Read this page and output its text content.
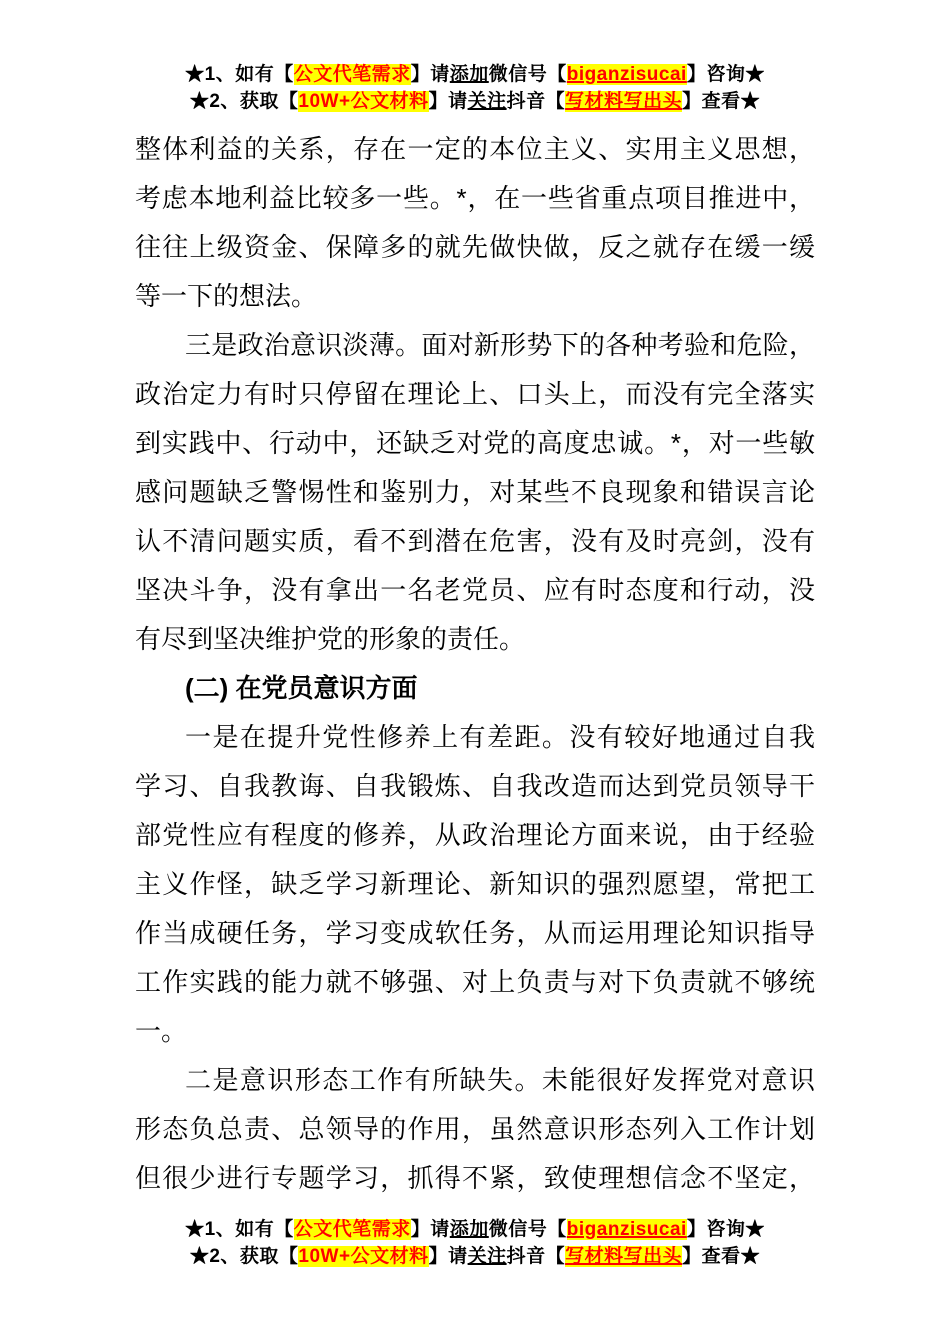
★1、如有【公文代笔需求】请添加微信号【biganzisucai】咨询★
★2、获取【10W+公文材料】请关注抖音【写材料写出头】查看★
整体利益的关系，存在一定的本位主义、实用主义思想，
考虑本地利益比较多一些。*，在一些省重点项目推进中，
往往上级资金、保障多的就先做快做，反之就存在缓一缓
等一下的想法。
三是政治意识淡薄。面对新形势下的各种考验和危险，
政治定力有时只停留在理论上、口头上，而没有完全落实
到实践中、行动中，还缺乏对党的高度忠诚。*，对一些敏
感问题缺乏警惕性和鉴别力，对某些不良现象和错误言论
认不清问题实质，看不到潜在危害，没有及时亮剑，没有
坚决斗争，没有拿出一名老党员、应有时态度和行动，没
有尽到坚决维护党的形象的责任。
(二) 在党员意识方面
一是在提升党性修养上有差距。没有较好地通过自我
学习、自我教诲、自我锻炼、自我改造而达到党员领导干
部党性应有程度的修养，从政治理论方面来说，由于经验
主义作怪，缺乏学习新理论、新知识的强烈愿望，常把工
作当成硬任务，学习变成软任务，从而运用理论知识指导
工作实践的能力就不够强、对上负责与对下负责就不够统
一。
二是意识形态工作有所缺失。未能很好发挥党对意识
形态负总责、总领导的作用，虽然意识形态列入工作计划
但很少进行专题学习，抓得不紧，致使理想信念不坚定，
★1、如有【公文代笔需求】请添加微信号【biganzisucai】咨询★
★2、获取【10W+公文材料】请关注抖音【写材料写出头】查看★
